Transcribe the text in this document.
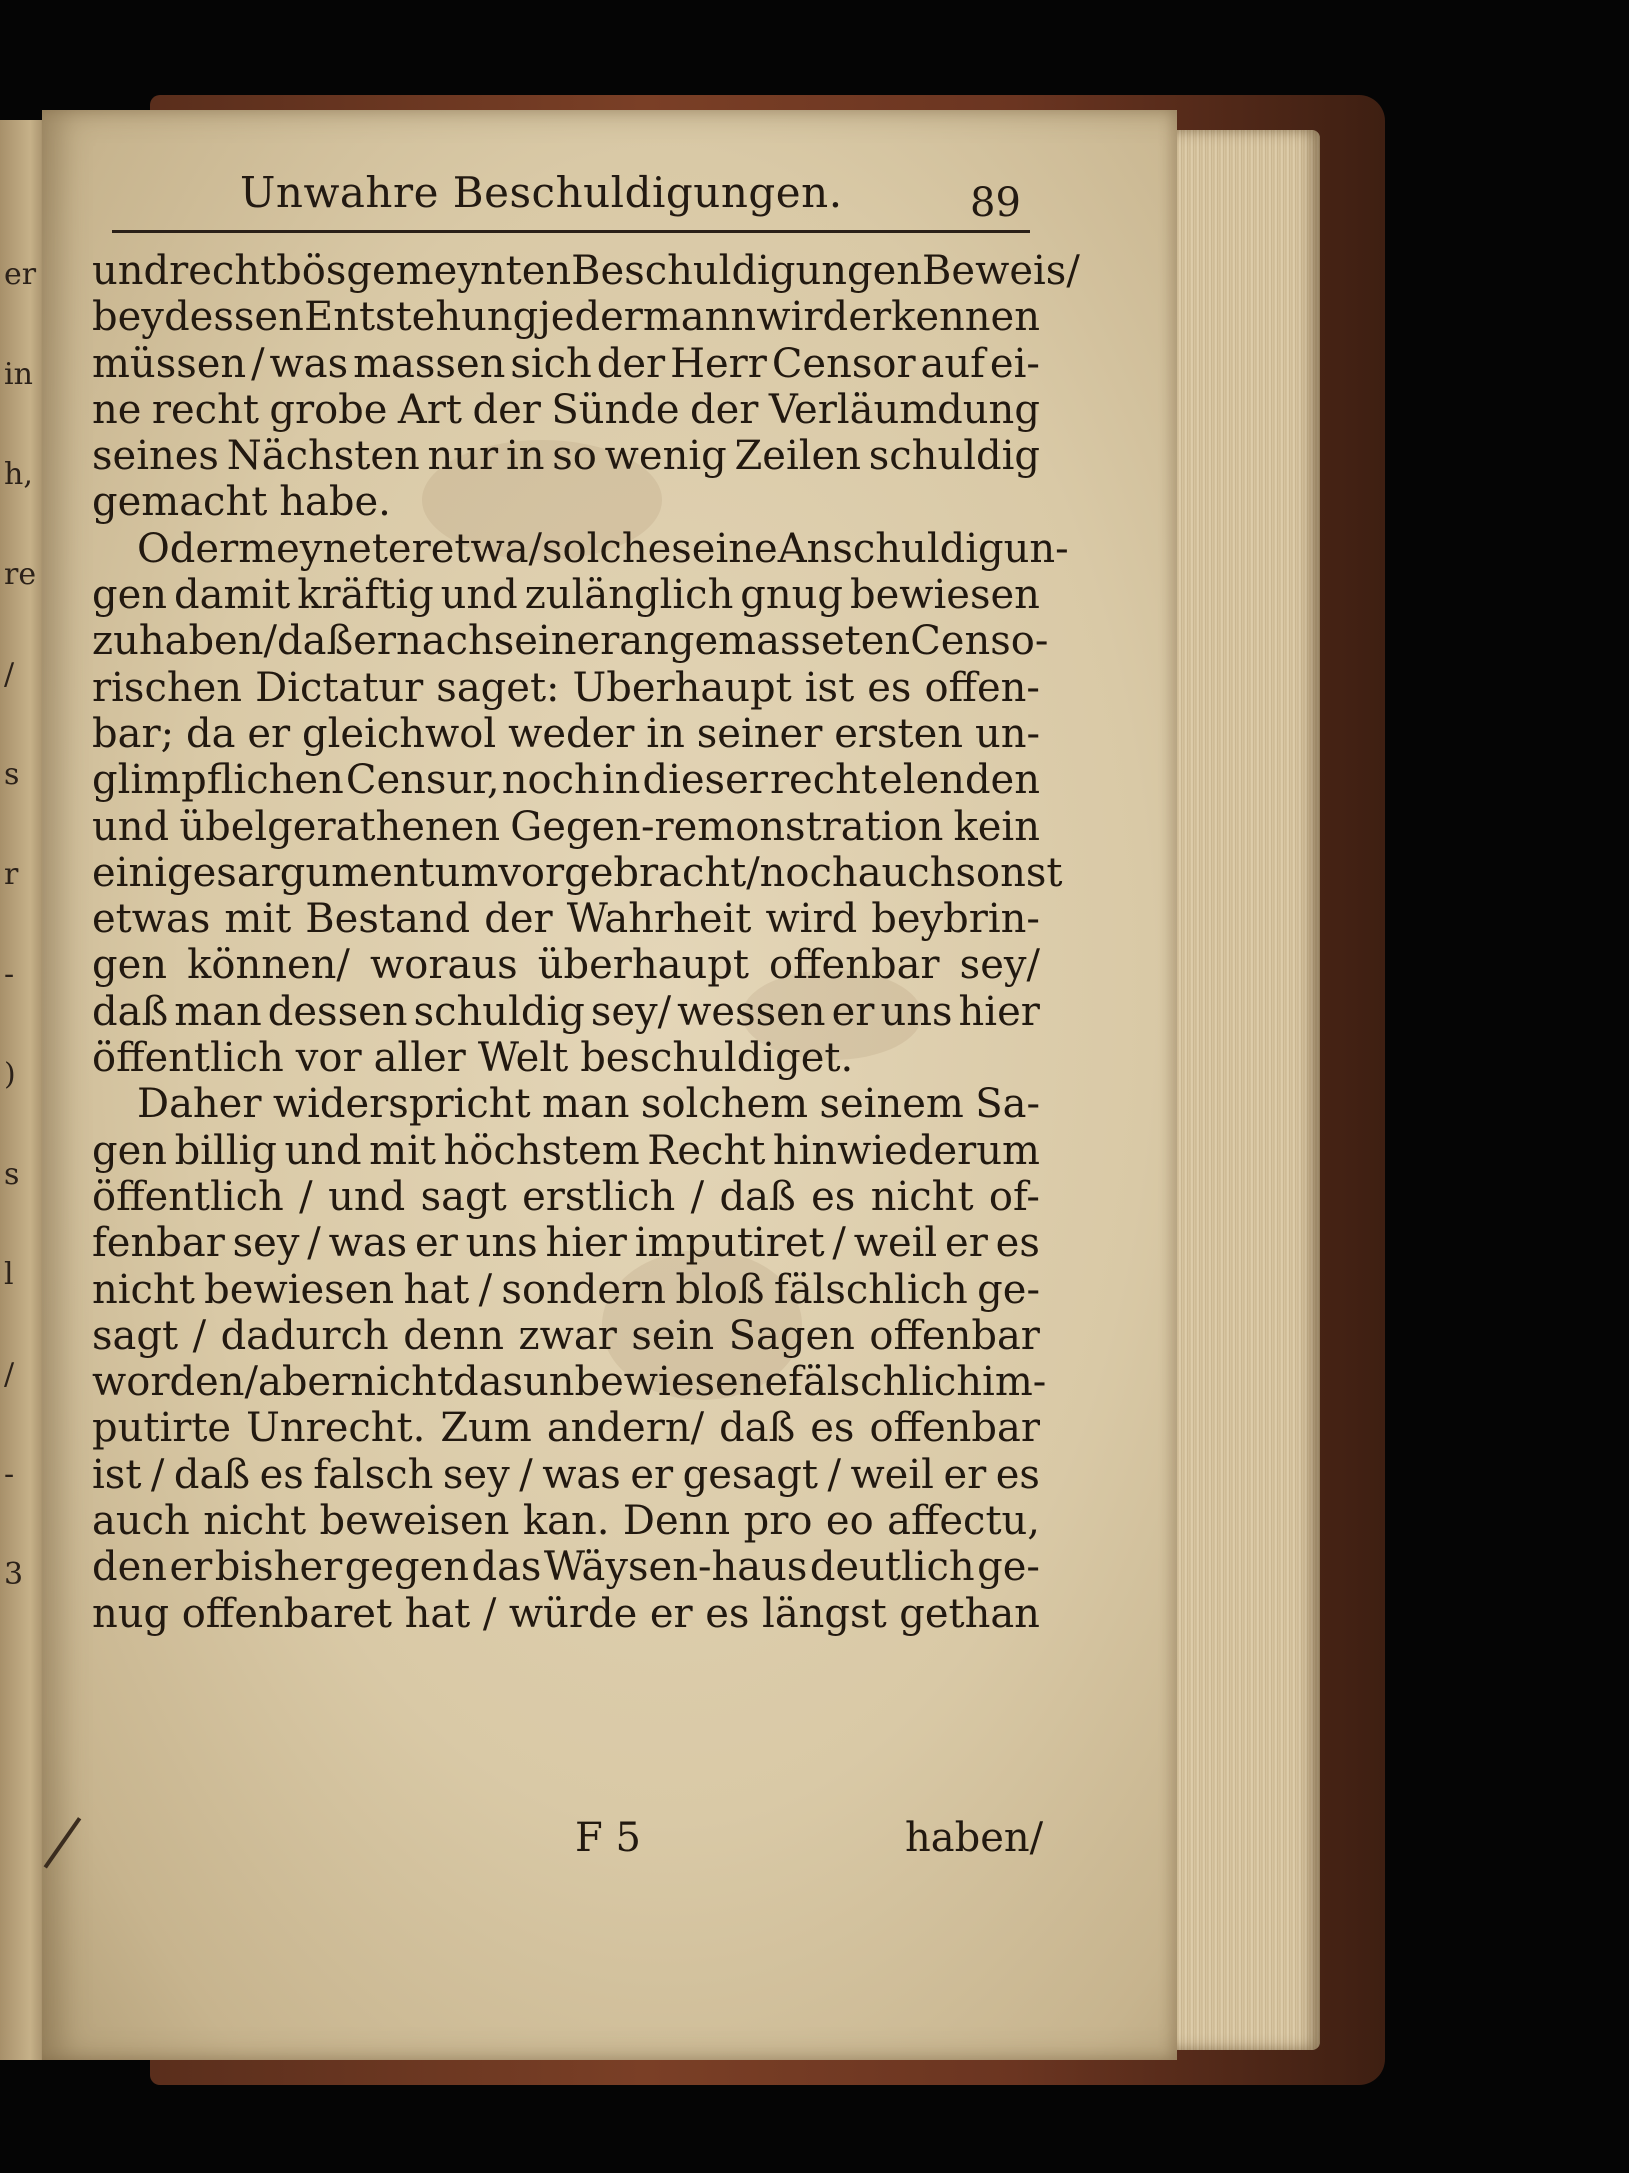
er
in
h,
re
/
s
r
-
)
s
l
/
-
3
Unwahre Beschuldigungen.	89
und recht bösgemeynten Beschuldigungen Beweis/
bey dessen Entstehung jedermann wird erkennen
müssen / was massen sich der Herr Censor auf ei-
ne recht grobe Art der Sünde der Verläumdung
seines Nächsten nur in so wenig Zeilen schuldig
gemacht habe.
Oder meynet er etwa/ solche seine Anschuldigun-
gen damit kräftig und zulänglich gnug bewiesen
zu haben / daß er nach seiner angemasseten Censo-
rischen Dictatur saget: Uberhaupt ist es offen-
bar; da er gleichwol weder in seiner ersten un-
glimpflichen Censur, noch in dieser recht elenden
und übelgerathenen Gegen-remonstration kein
einiges argumentum vorgebracht/ noch auch sonst
etwas mit Bestand der Wahrheit wird beybrin-
gen können/ woraus überhaupt offenbar sey/
daß man dessen schuldig sey/ wessen er uns hier
öffentlich vor aller Welt beschuldiget.
Daher widerspricht man solchem seinem Sa-
gen billig und mit höchstem Recht hinwiederum
öffentlich / und sagt erstlich / daß es nicht of-
fenbar sey / was er uns hier imputiret / weil er es
nicht bewiesen hat / sondern bloß fälschlich ge-
sagt / dadurch denn zwar sein Sagen offenbar
worden/ aber nicht das unbewiesene fälschlich im-
putirte Unrecht. Zum andern/ daß es offenbar
ist / daß es falsch sey / was er gesagt / weil er es
auch nicht beweisen kan. Denn pro eo affectu,
den er bisher gegen das Wäysen-haus deutlich ge-
nug offenbaret hat / würde er es längst gethan
F 5	haben/
